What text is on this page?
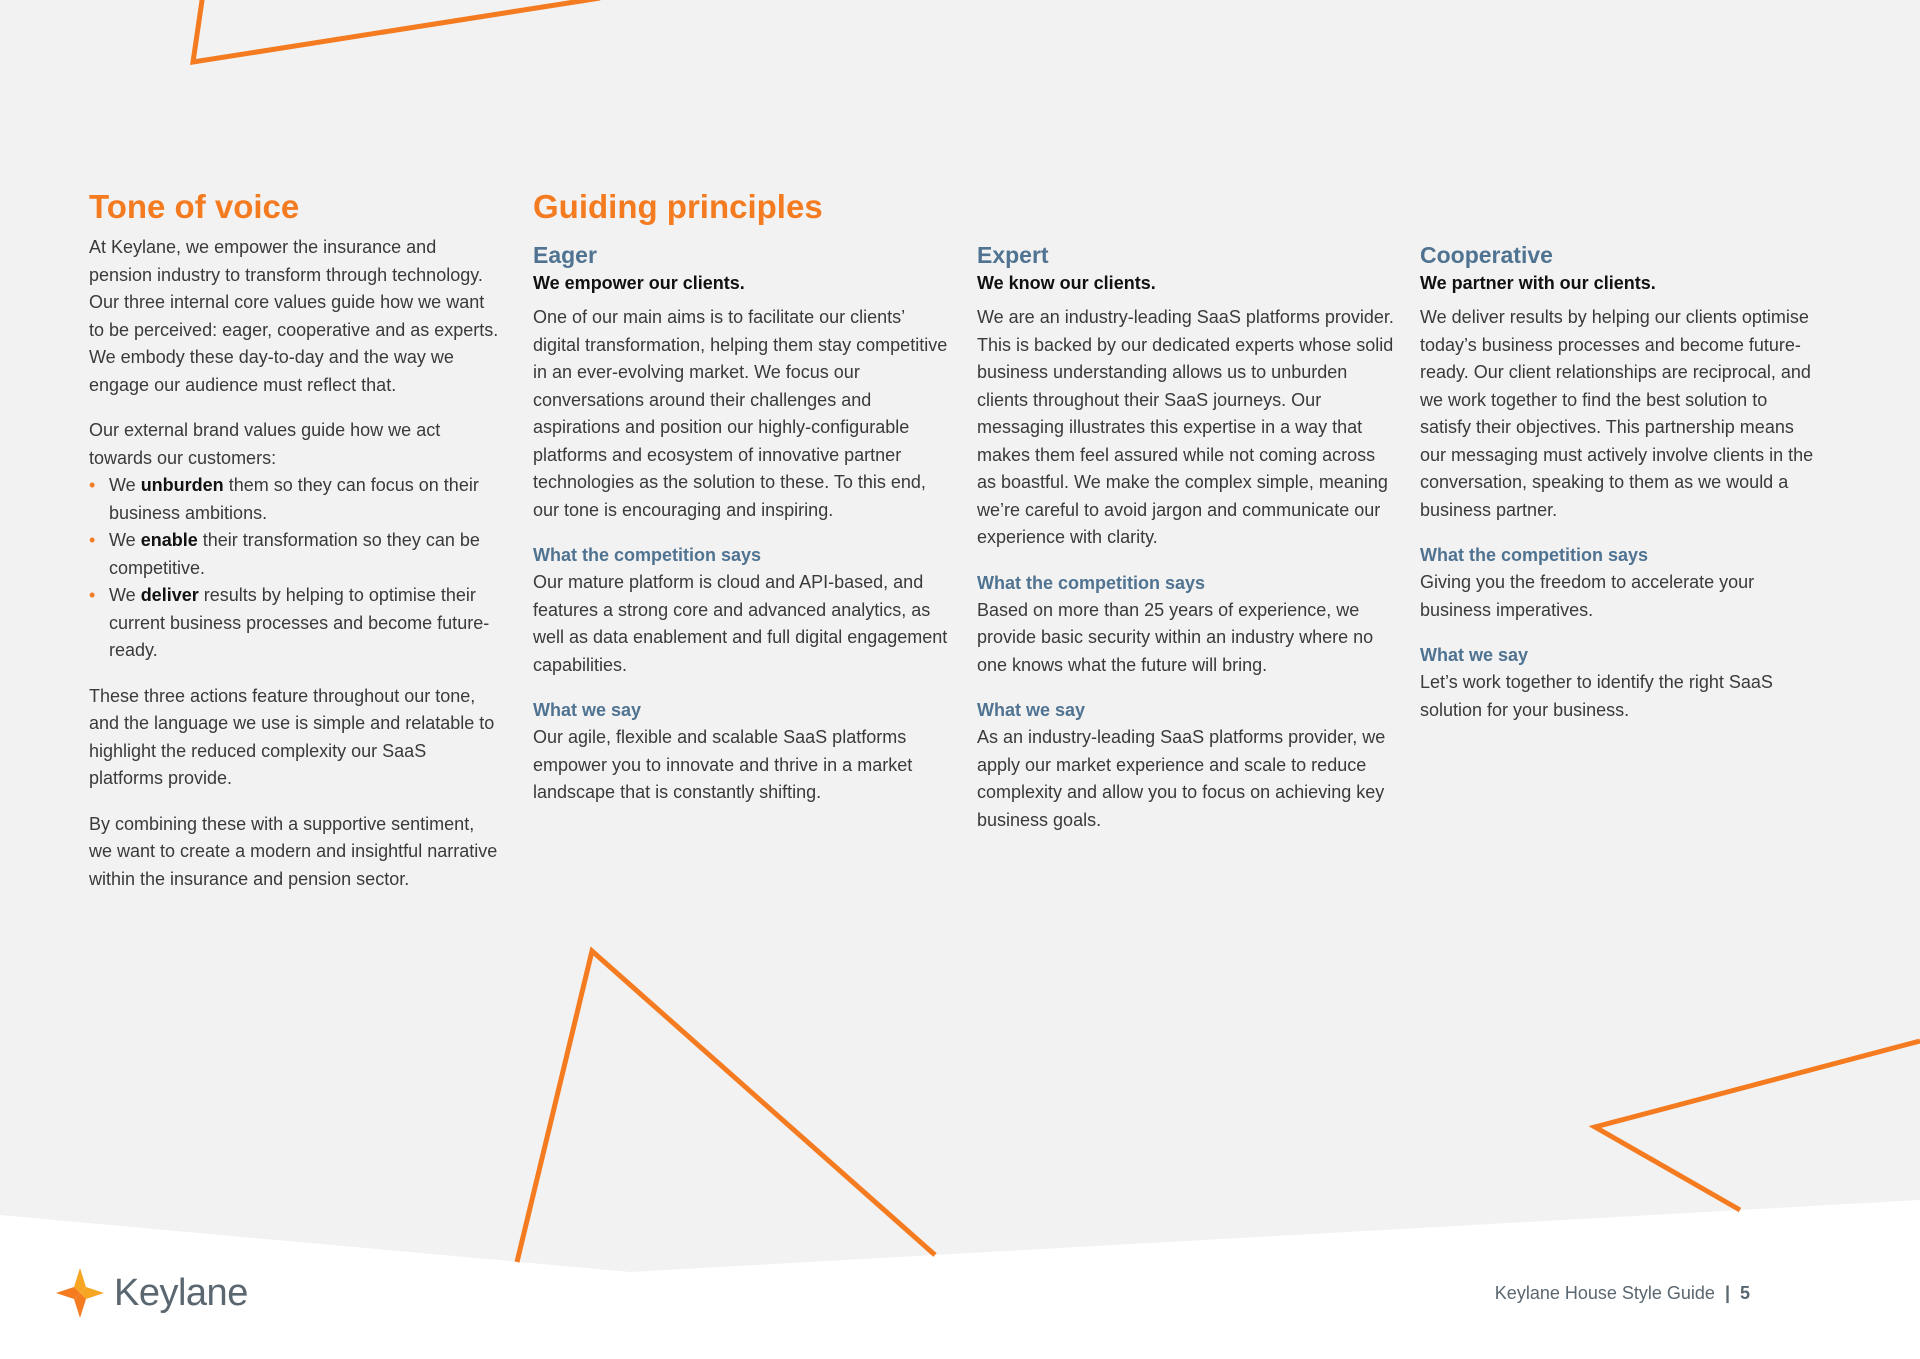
Tone of voice

At Keylane, we empower the insurance and pension industry to transform through technology. Our three internal core values guide how we want to be perceived: eager, cooperative and as experts. We embody these day-to-day and the way we engage our audience must reflect that.

Our external brand values guide how we act towards our customers:

• We unburden them so they can focus on their business ambitions.
• We enable their transformation so they can be competitive.
• We deliver results by helping to optimise their current business processes and become future-ready.

These three actions feature throughout our tone, and the language we use is simple and relatable to highlight the reduced complexity our SaaS platforms provide.

By combining these with a supportive sentiment, we want to create a modern and insightful narrative within the insurance and pension sector.

Guiding principles
Eager
We empower our clients.

One of our main aims is to facilitate our clients’ digital transformation, helping them stay competitive in an ever-evolving market. We focus our conversations around their challenges and aspirations and position our highly-configurable platforms and ecosystem of innovative partner technologies as the solution to these. To this end, our tone is encouraging and inspiring.

What the competition says

Our mature platform is cloud and API-based, and features a strong core and advanced analytics, as well as data enablement and full digital engagement capabilities.

What we say

Our agile, flexible and scalable SaaS platforms empower you to innovate and thrive in a market landscape that is constantly shifting.

Expert
We know our clients.

We are an industry-leading SaaS platforms provider. This is backed by our dedicated experts whose solid business understanding allows us to unburden clients throughout their SaaS journeys. Our messaging illustrates this expertise in a way that makes them feel assured while not coming across as boastful. We make the complex simple, meaning we’re careful to avoid jargon and communicate our experience with clarity.

What the competition says

Based on more than 25 years of experience, we provide basic security within an industry where no one knows what the future will bring.

What we say

As an industry-leading SaaS platforms provider, we apply our market experience and scale to reduce complexity and allow you to focus on achieving key business goals.

Cooperative
We partner with our clients.

We deliver results by helping our clients optimise today’s business processes and become future-ready. Our client relationships are reciprocal, and we work together to find the best solution to satisfy their objectives. This partnership means our messaging must actively involve clients in the conversation, speaking to them as we would a business partner.

What the competition says

Giving you the freedom to accelerate your business imperatives.

What we say

Let’s work together to identify the right SaaS solution for your business.

Keylane	Keylane House Style Guide | 5
